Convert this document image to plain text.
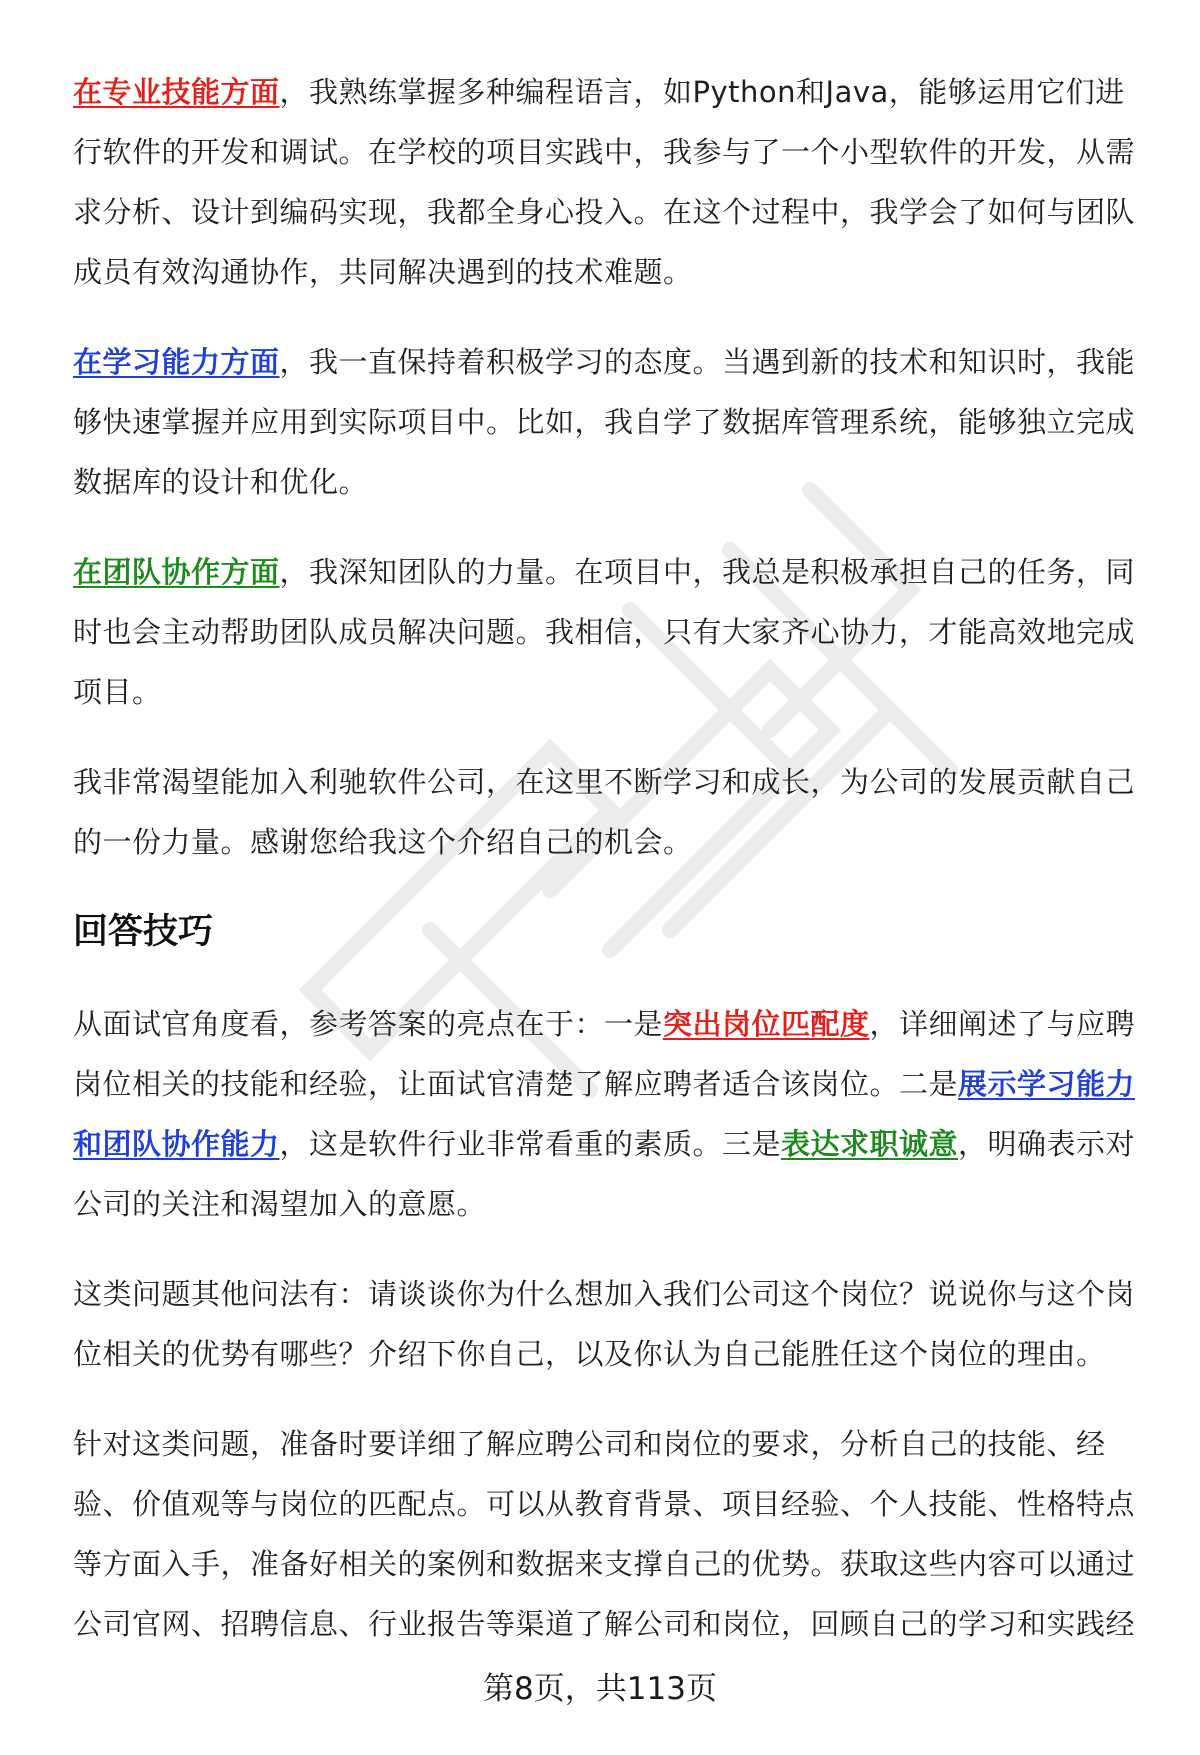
在专业技能方面，我熟练掌握多种编程语言，如Python和Java，能够运用它们进行软件的开发和调试。在学校的项目实践中，我参与了一个小型软件的开发，从需求分析、设计到编码实现，我都全身心投入。在这个过程中，我学会了如何与团队成员有效沟通协作，共同解决遇到的技术难题。

在学习能力方面，我一直保持着积极学习的态度。当遇到新的技术和知识时，我能够快速掌握并应用到实际项目中。比如，我自学了数据库管理系统，能够独立完成数据库的设计和优化。

在团队协作方面，我深知团队的力量。在项目中，我总是积极承担自己的任务，同时也会主动帮助团队成员解决问题。我相信，只有大家齐心协力，才能高效地完成项目。

我非常渴望能加入利驰软件公司，在这里不断学习和成长，为公司的发展贡献自己的一份力量。感谢您给我这个介绍自己的机会。

回答技巧

从面试官角度看，参考答案的亮点在于：一是突出岗位匹配度，详细阐述了与应聘岗位相关的技能和经验，让面试官清楚了解应聘者适合该岗位。二是展示学习能力和团队协作能力，这是软件行业非常看重的素质。三是表达求职诚意，明确表示对公司的关注和渴望加入的意愿。

这类问题其他问法有：请谈谈你为什么想加入我们公司这个岗位？说说你与这个岗位相关的优势有哪些？介绍下你自己，以及你认为自己能胜任这个岗位的理由。

针对这类问题，准备时要详细了解应聘公司和岗位的要求，分析自己的技能、经验、价值观等与岗位的匹配点。可以从教育背景、项目经验、个人技能、性格特点等方面入手，准备好相关的案例和数据来支撑自己的优势。获取这些内容可以通过公司官网、招聘信息、行业报告等渠道了解公司和岗位，回顾自己的学习和实践经

第8页，共113页
